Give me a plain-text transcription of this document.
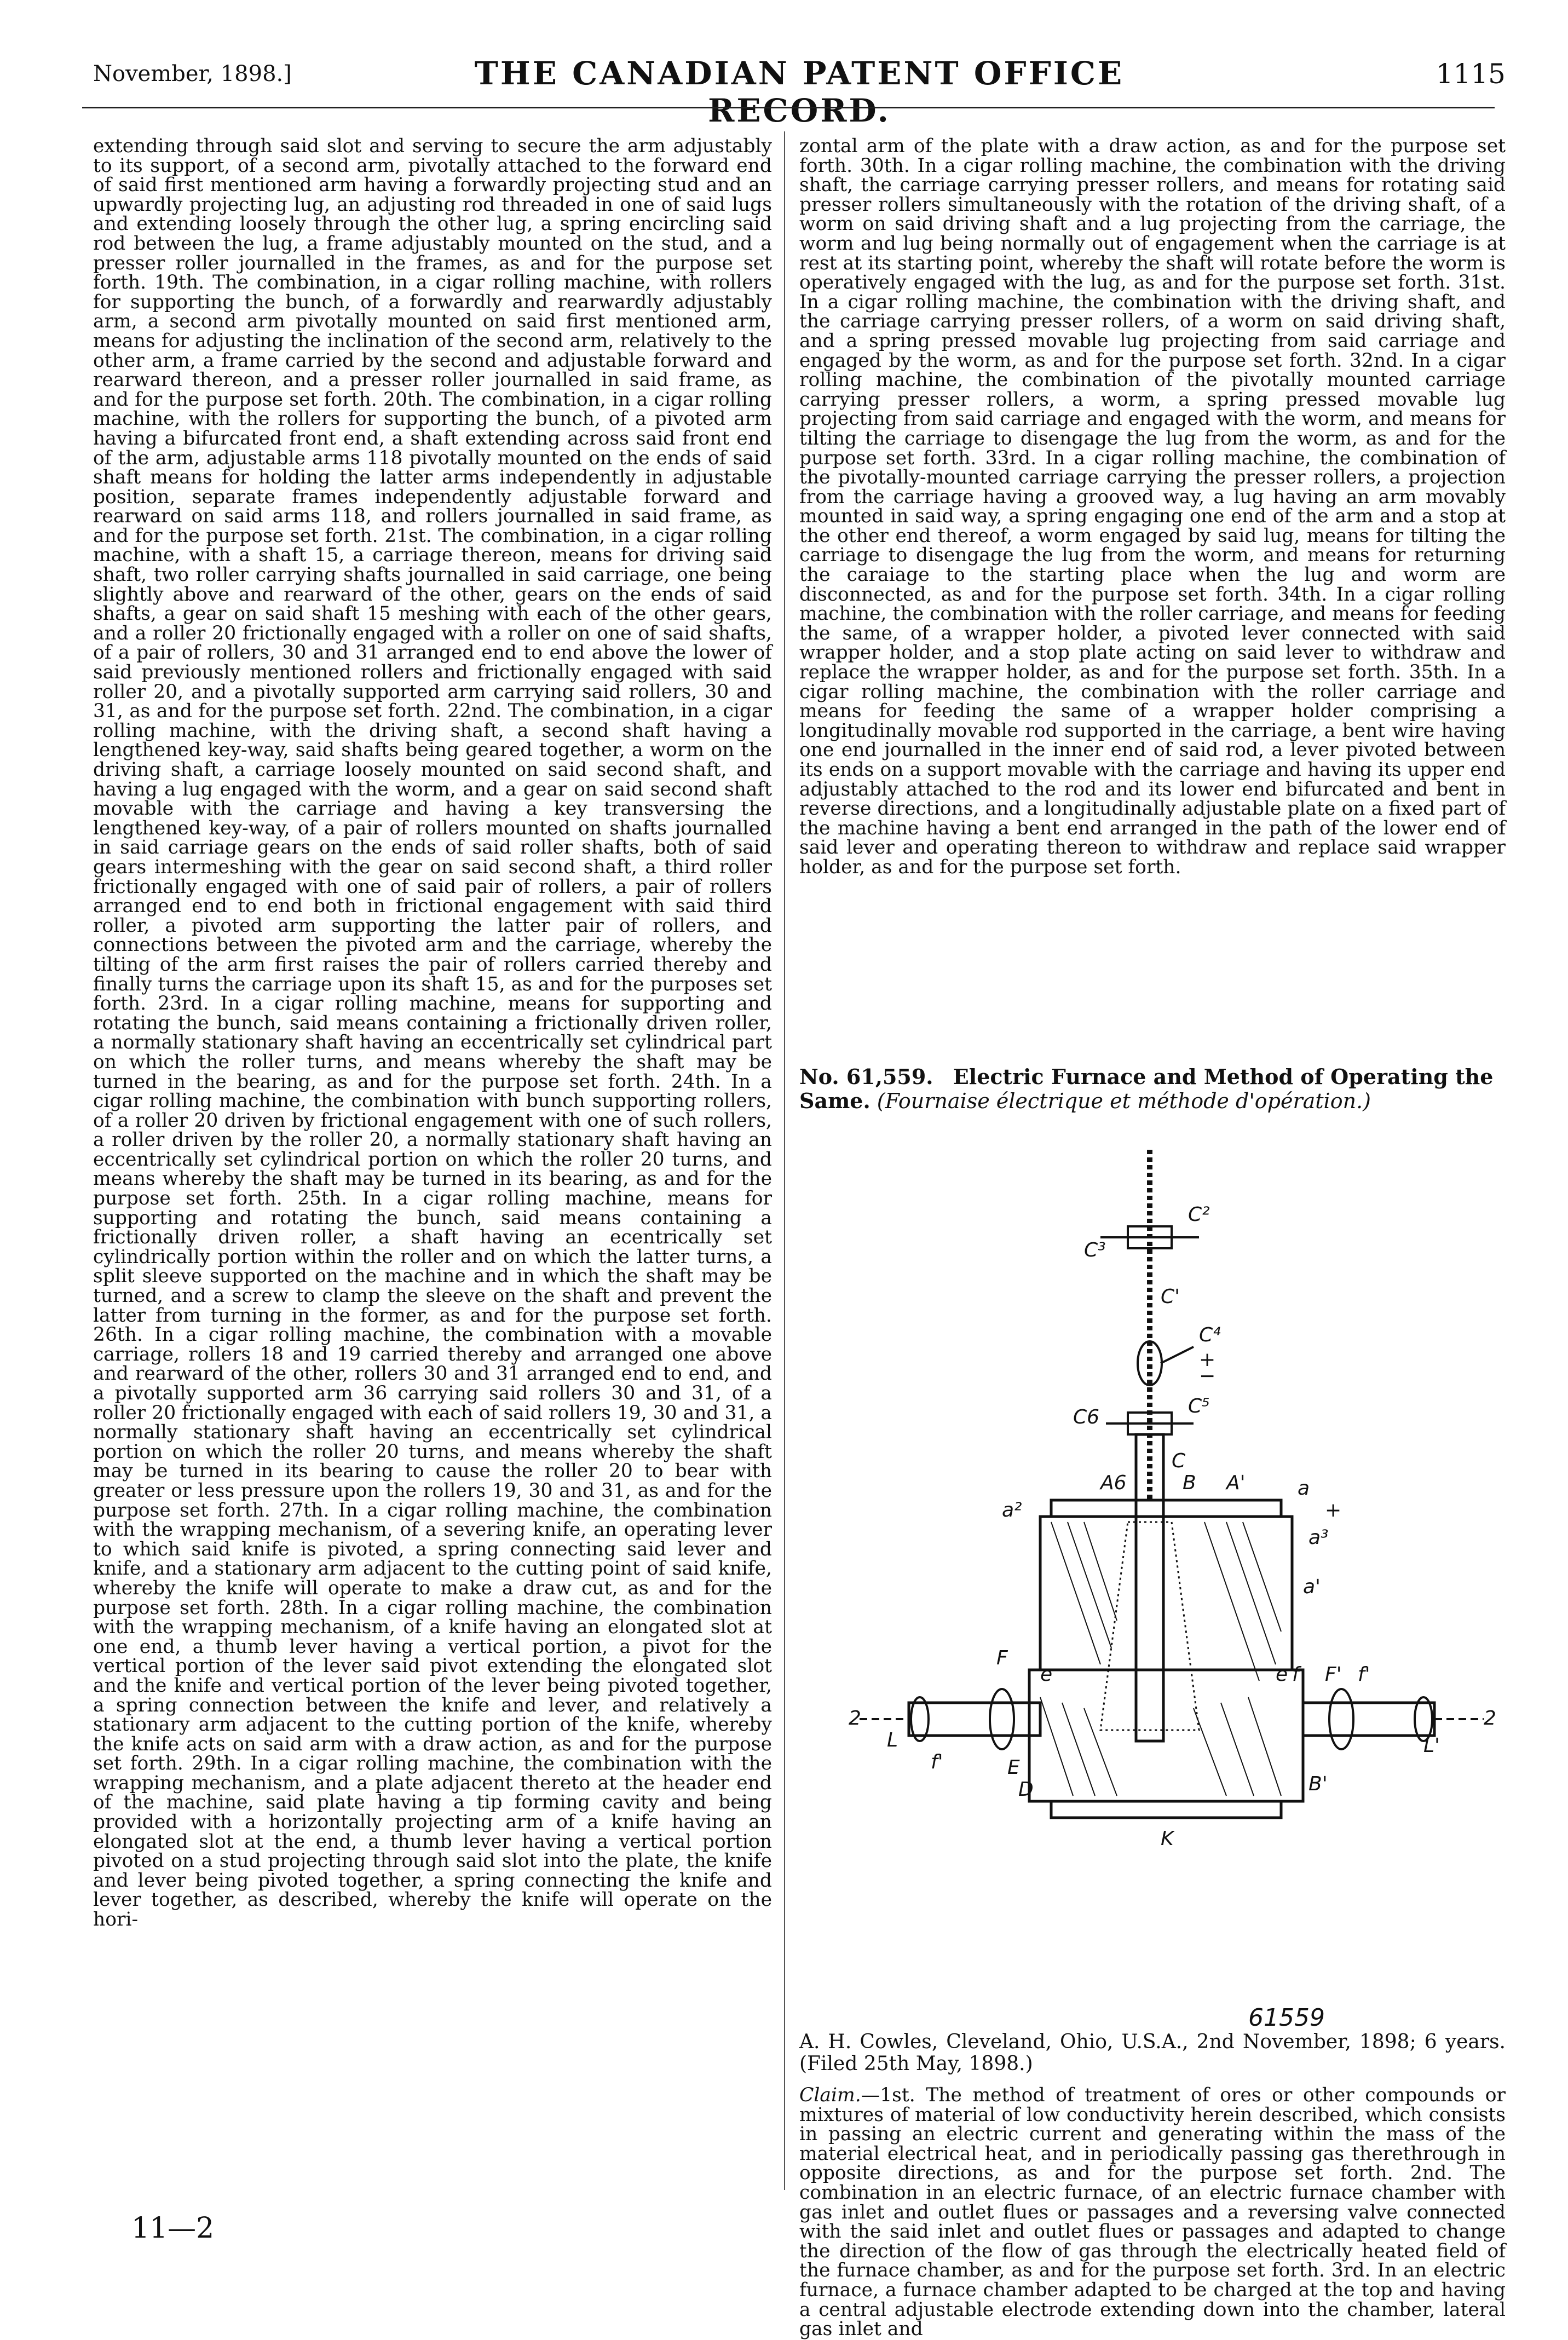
November, 1898.]	THE CANADIAN PATENT OFFICE RECORD.
1115

extending through said slot and serving to secure the arm adjustably to its support, of a second arm, pivotally attached to the forward end of said first mentioned arm having a forwardly projecting stud and an upwardly projecting lug, an adjusting rod threaded in one of said lugs and extending loosely through the other lug, a spring encircling said rod between the lug, a frame adjustably mounted on the stud, and a presser roller journalled in the frames, as and for the purpose set forth. 19th. The combination, in a cigar rolling machine, with rollers for supporting the bunch, of a forwardly and rearwardly adjustably arm, a second arm pivotally mounted on said first mentioned arm, means for adjusting the inclination of the second arm, relatively to the other arm, a frame carried by the second and adjustable forward and rearward thereon, and a presser roller journalled in said frame, as and for the purpose set forth. 20th. The combination, in a cigar rolling machine, with the rollers for supporting the bunch, of a pivoted arm having a bifurcated front end, a shaft extending across said front end of the arm, adjustable arms 118 pivotally mounted on the ends of said shaft means for holding the latter arms independently in adjustable position, separate frames independently adjustable forward and rearward on said arms 118, and rollers journalled in said frame, as and for the purpose set forth. 21st. The combination, in a cigar rolling machine, with a shaft 15, a carriage thereon, means for driving said shaft, two roller carrying shafts journalled in said carriage, one being slightly above and rearward of the other, gears on the ends of said shafts, a gear on said shaft 15 meshing with each of the other gears, and a roller 20 frictionally engaged with a roller on one of said shafts, of a pair of rollers, 30 and 31 arranged end to end above the lower of said previously mentioned rollers and frictionally engaged with said roller 20, and a pivotally supported arm carrying said rollers, 30 and 31, as and for the purpose set forth. 22nd. The combination, in a cigar rolling machine, with the driving shaft, a second shaft having a lengthened key-way, said shafts being geared together, a worm on the driving shaft, a carriage loosely mounted on said second shaft, and having a lug engaged with the worm, and a gear on said second shaft movable with the carriage and having a key transversing the lengthened key-way, of a pair of rollers mounted on shafts journalled in said carriage gears on the ends of said roller shafts, both of said gears intermeshing with the gear on said second shaft, a third roller frictionally engaged with one of said pair of rollers, a pair of rollers arranged end to end both in frictional engagement with said third roller, a pivoted arm supporting the latter pair of rollers, and connections between the pivoted arm and the carriage, whereby the tilting of the arm first raises the pair of rollers carried thereby and finally turns the carriage upon its shaft 15, as and for the purposes set forth. 23rd. In a cigar rolling machine, means for supporting and rotating the bunch, said means containing a frictionally driven roller, a normally stationary shaft having an eccentrically set cylindrical part on which the roller turns, and means whereby the shaft may be turned in the bearing, as and for the purpose set forth. 24th. In a cigar rolling machine, the combination with bunch supporting rollers, of a roller 20 driven by frictional engagement with one of such rollers, a roller driven by the roller 20, a normally stationary shaft having an eccentrically set cylindrical portion on which the roller 20 turns, and means whereby the shaft may be turned in its bearing, as and for the purpose set forth. 25th. In a cigar rolling machine, means for supporting and rotating the bunch, said means containing a frictionally driven roller, a shaft having an ecentrically set cylindrically portion within the roller and on which the latter turns, a split sleeve supported on the machine and in which the shaft may be turned, and a screw to clamp the sleeve on the shaft and prevent the latter from turning in the former, as and for the purpose set forth. 26th. In a cigar rolling machine, the combination with a movable carriage, rollers 18 and 19 carried thereby and arranged one above and rearward of the other, rollers 30 and 31 arranged end to end, and a pivotally supported arm 36 carrying said rollers 30 and 31, of a roller 20 frictionally engaged with each of said rollers 19, 30 and 31, a normally stationary shaft having an eccentrically set cylindrical portion on which the roller 20 turns, and means whereby the shaft may be turned in its bearing to cause the roller 20 to bear with greater or less pressure upon the rollers 19, 30 and 31, as and for the purpose set forth. 27th. In a cigar rolling machine, the combination with the wrapping mechanism, of a severing knife, an operating lever to which said knife is pivoted, a spring connecting said lever and knife, and a stationary arm adjacent to the cutting point of said knife, whereby the knife will operate to make a draw cut, as and for the purpose set forth. 28th. In a cigar rolling machine, the combination with the wrapping mechanism, of a knife having an elongated slot at one end, a thumb lever having a vertical portion, a pivot for the vertical portion of the lever said pivot extending the elongated slot and the knife and vertical portion of the lever being pivoted together, a spring connection between the knife and lever, and relatively a stationary arm adjacent to the cutting portion of the knife, whereby the knife acts on said arm with a draw action, as and for the purpose set forth. 29th. In a cigar rolling machine, the combination with the wrapping mechanism, and a plate adjacent thereto at the header end of the machine, said plate having a tip forming cavity and being provided with a horizontally projecting arm of a knife having an elongated slot at the end, a thumb lever having a vertical portion pivoted on a stud projecting through said slot into the plate, the knife and lever being pivoted together, a spring connecting the knife and lever together, as described, whereby the knife will operate on the hori-

zontal arm of the plate with a draw action, as and for the purpose set forth. 30th. In a cigar rolling machine, the combination with the driving shaft, the carriage carrying presser rollers, and means for rotating said presser rollers simultaneously with the rotation of the driving shaft, of a worm on said driving shaft and a lug projecting from the carriage, the worm and lug being normally out of engagement when the carriage is at rest at its starting point, whereby the shaft will rotate before the worm is operatively engaged with the lug, as and for the purpose set forth. 31st. In a cigar rolling machine, the combination with the driving shaft, and the carriage carrying presser rollers, of a worm on said driving shaft, and a spring pressed movable lug projecting from said carriage and engaged by the worm, as and for the purpose set forth. 32nd. In a cigar rolling machine, the combination of the pivotally mounted carriage carrying presser rollers, a worm, a spring pressed movable lug projecting from said carriage and engaged with the worm, and means for tilting the carriage to disengage the lug from the worm, as and for the purpose set forth. 33rd. In a cigar rolling machine, the combination of the pivotally-mounted carriage carrying the presser rollers, a projection from the carriage having a grooved way, a lug having an arm movably mounted in said way, a spring engaging one end of the arm and a stop at the other end thereof, a worm engaged by said lug, means for tilting the carriage to disengage the lug from the worm, and means for returning the caraiage to the starting place when the lug and worm are disconnected, as and for the purpose set forth. 34th. In a cigar rolling machine, the combination with the roller carriage, and means for feeding the same, of a wrapper holder, a pivoted lever connected with said wrapper holder, and a stop plate acting on said lever to withdraw and replace the wrapper holder, as and for the purpose set forth. 35th. In a cigar rolling machine, the combination with the roller carriage and means for feeding the same of a wrapper holder comprising a longitudinally movable rod supported in the carriage, a bent wire having one end journalled in the inner end of said rod, a lever pivoted between its ends on a support movable with the carriage and having its upper end adjustably attached to the rod and its lower end bifurcated and bent in reverse directions, and a longitudinally adjustable plate on a fixed part of the machine having a bent end arranged in the path of the lower end of said lever and operating thereon to withdraw and replace said wrapper holder, as and for the purpose set forth.

No. 61,559. Electric Furnace and Method of Operating the Same. (Fournaise électrique et méthode d'opération.)
C²
C³
C'
C⁴
+
−
C6	C⁵
C
A6	B A'	a
+
a²
a³
a'
F
e	e f F' f'
2	2
L	L'
f'	E
D	B'
K
61559
A. H. Cowles, Cleveland, Ohio, U.S.A., 2nd November, 1898; 6 years. (Filed 25th May, 1898.)
Claim.—1st. The method of treatment of ores or other compounds or mixtures of material of low conductivity herein described, which consists in passing an electric current and generating within the mass of the material electrical heat, and in periodically passing gas therethrough in opposite directions, as and for the purpose set forth. 2nd. The combination in an electric furnace, of an electric furnace chamber with gas inlet and outlet flues or passages and a reversing valve connected with the said inlet and outlet flues or passages and adapted to change the direction of the flow of gas through the electrically heated field of the furnace chamber, as and for the purpose set forth. 3rd. In an electric furnace, a furnace chamber adapted to be charged at the top and having a central adjustable electrode extending down into the chamber, lateral gas inlet and
11—2
